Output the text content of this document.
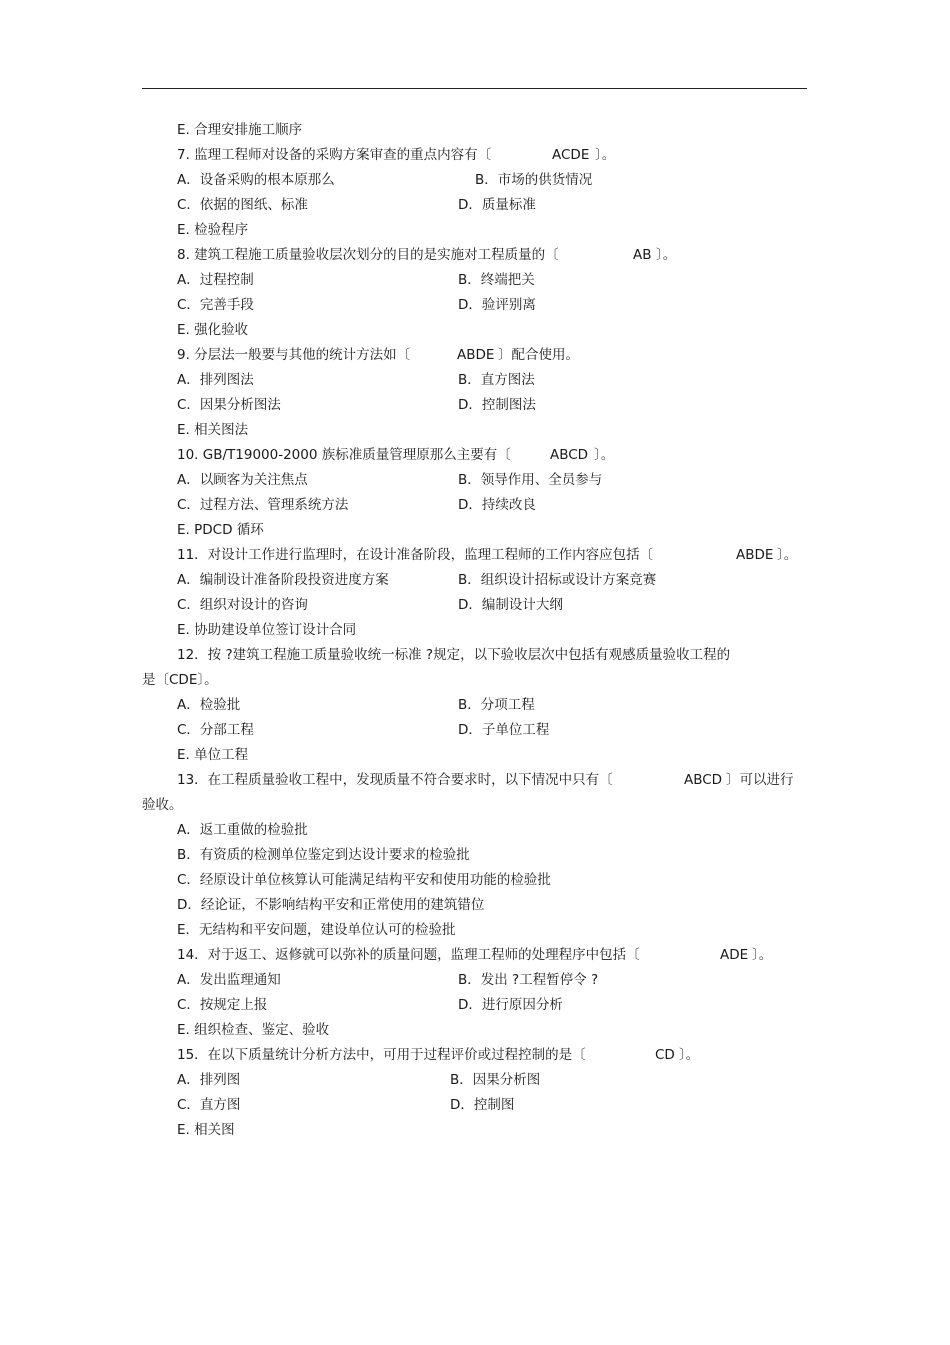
E. 合理安排施工顺序
7. 监理工程师对设备的采购方案审查的重点内容有〔	ACDE 〕。
A．设备采购的根本原那么	B．市场的供货情况
C．依据的图纸、标准	D．质量标准
E. 检验程序
8. 建筑工程施工质量验收层次划分的目的是实施对工程质量的〔	AB 〕。
A．过程控制	B．终端把关
C．完善手段	D．验评别离
E. 强化验收
9. 分层法一般要与其他的统计方法如〔	ABDE 〕配合使用。
A．排列图法	B．直方图法
C．因果分析图法	D．控制图法
E. 相关图法
10. GB/T19000-2000 族标准质量管理原那么主要有〔	ABCD 〕。
A．以顾客为关注焦点	B．领导作用、全员参与
C．过程方法、管理系统方法	D．持续改良
E. PDCD 循环
11．对设计工作进行监理时，在设计准备阶段，监理工程师的工作内容应包括〔	ABDE 〕。
A．编制设计准备阶段投资进度方案	B．组织设计招标或设计方案竞赛
C．组织对设计的咨询	D．编制设计大纲
E. 协助建设单位签订设计合同
12．按 ?建筑工程施工质量验收统一标准 ?规定，以下验收层次中包括有观感质量验收工程的
是〔CDE〕。
A．检验批	B．分项工程
C．分部工程	D．子单位工程
E. 单位工程
13．在工程质量验收工程中，发现质量不符合要求时，以下情况中只有〔	ABCD 〕可以进行
验收。
A．返工重做的检验批
B．有资质的检测单位鉴定到达设计要求的检验批
C．经原设计单位核算认可能满足结构平安和使用功能的检验批
D．经论证，不影响结构平安和正常使用的建筑错位
E．无结构和平安问题，建设单位认可的检验批
14．对于返工、返修就可以弥补的质量问题，监理工程师的处理程序中包括〔	ADE 〕。
A．发出监理通知	B．发出 ?工程暂停令 ?
C．按规定上报	D．进行原因分析
E. 组织检查、鉴定、验收
15．在以下质量统计分析方法中，可用于过程评价或过程控制的是〔	CD 〕。
A．排列图	B．因果分析图
C．直方图	D．控制图
E. 相关图
